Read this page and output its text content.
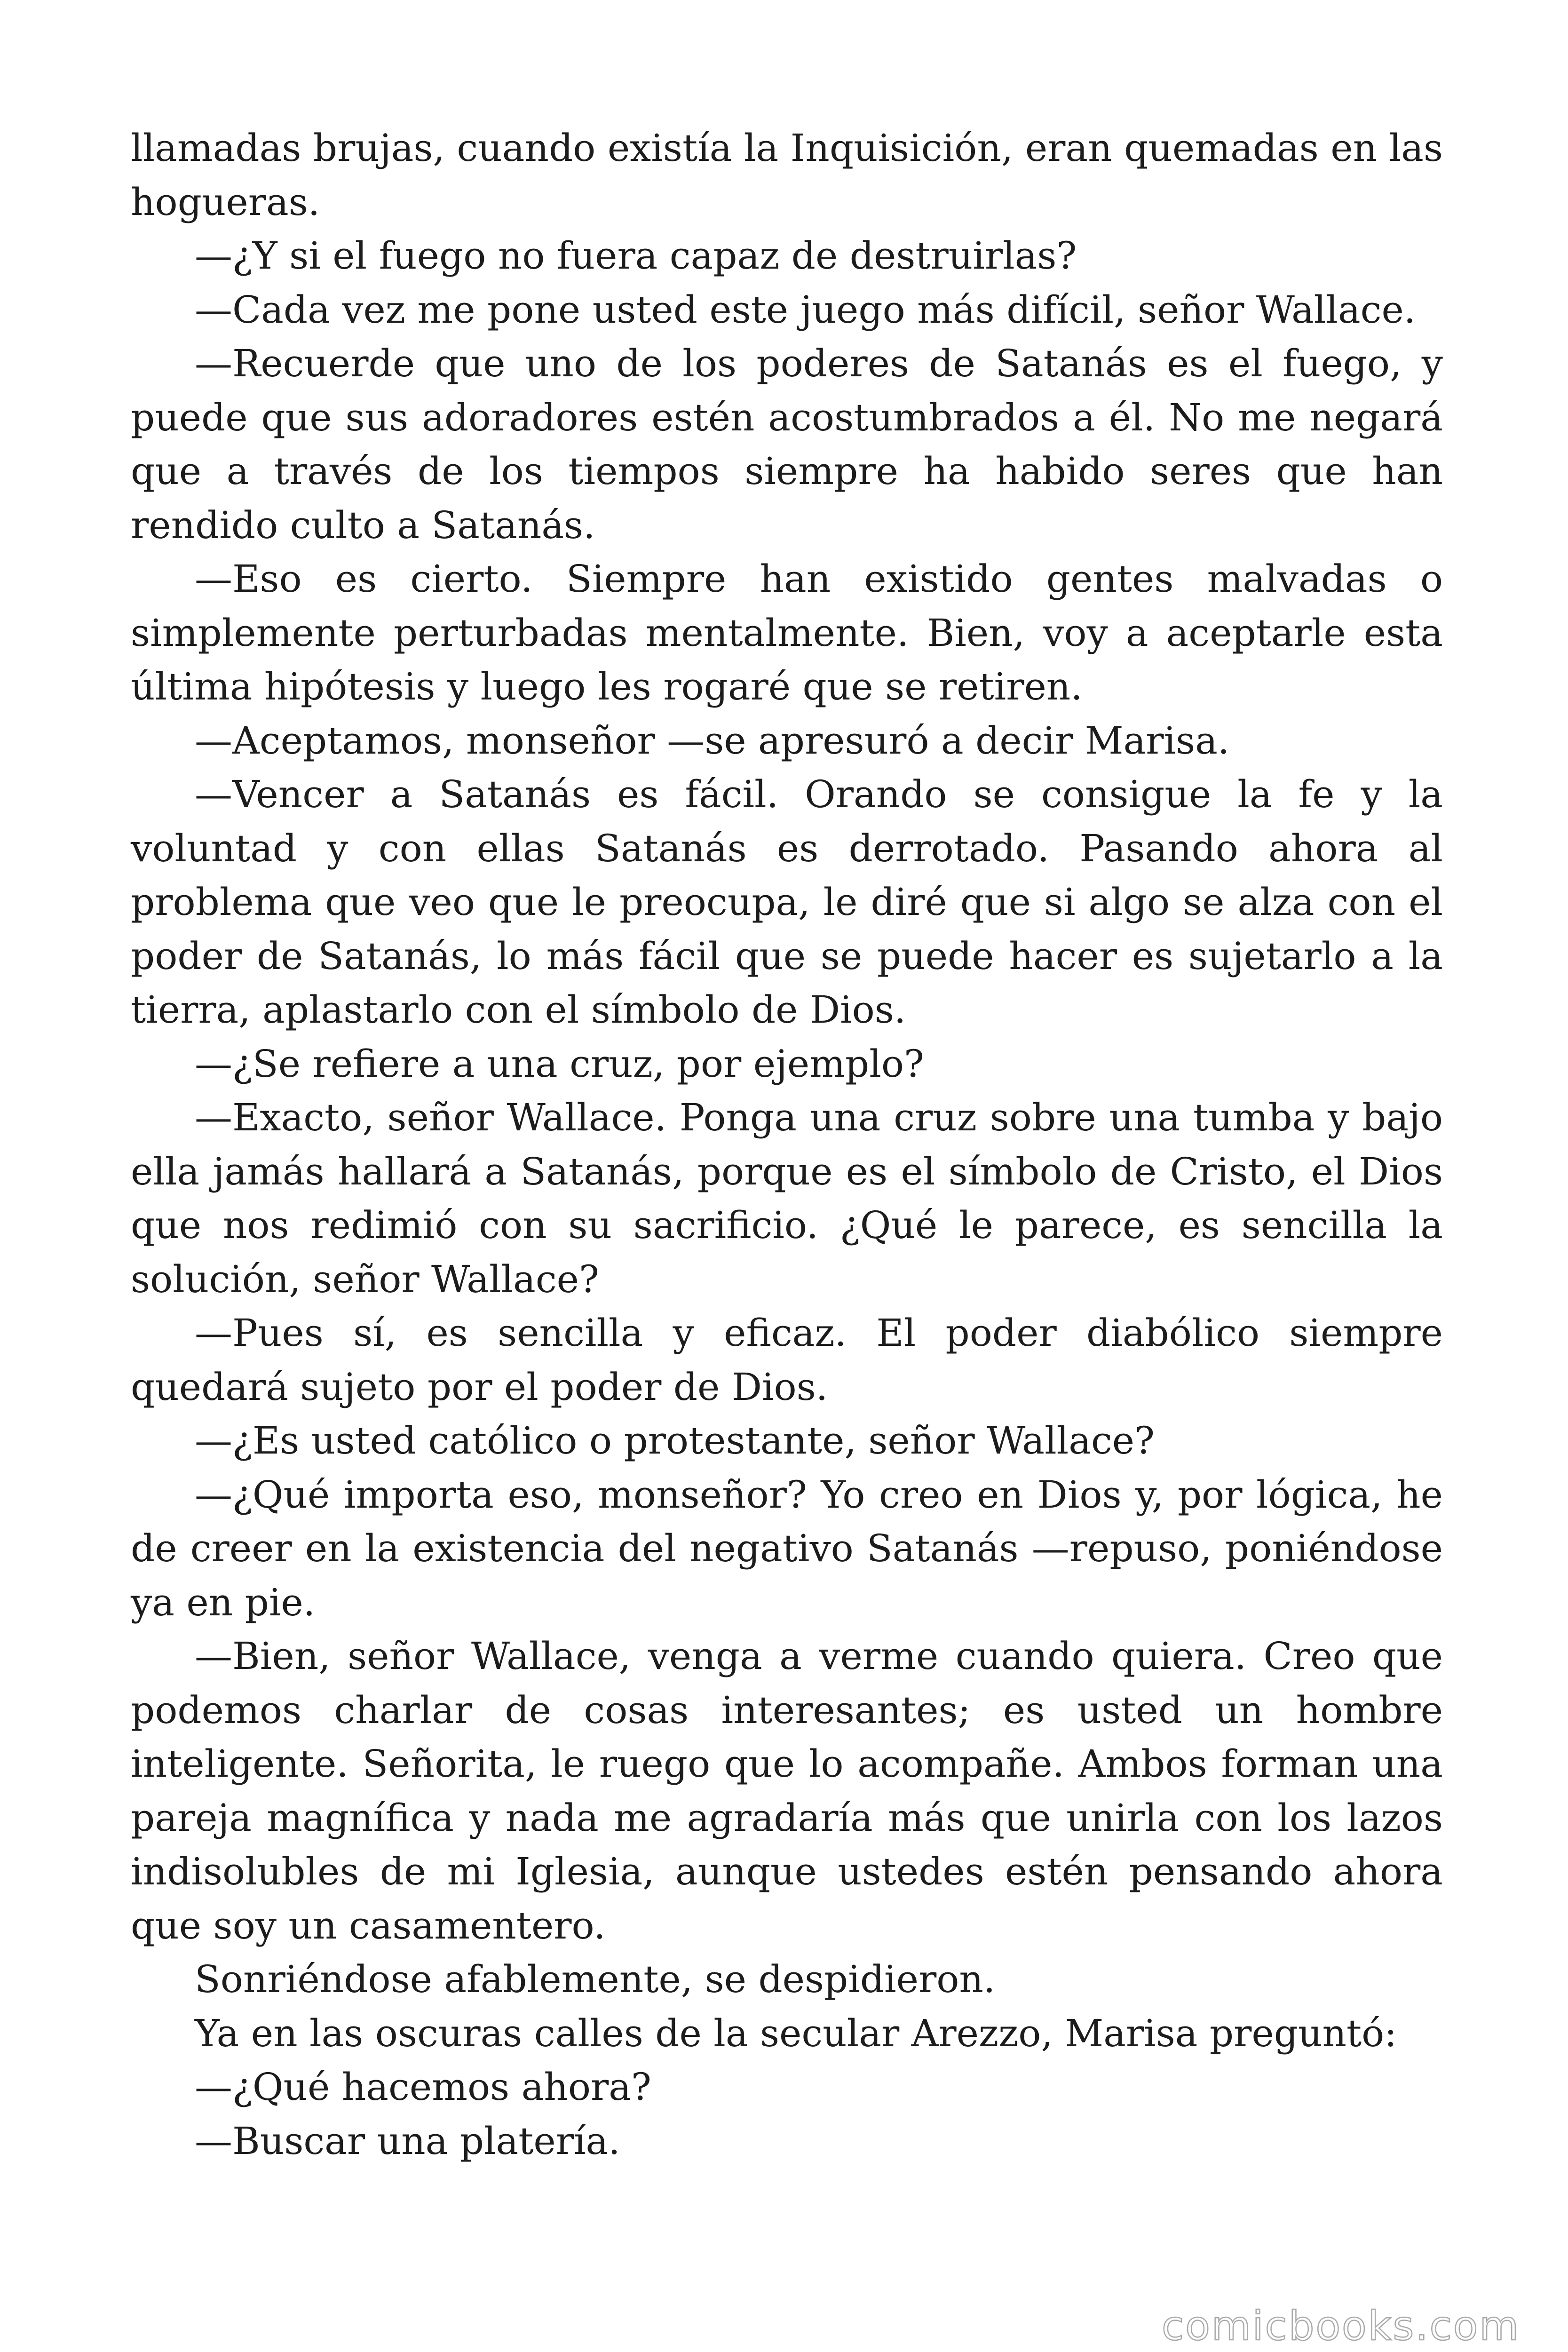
llamadas brujas, cuando existía la Inquisición, eran quemadas en las hogueras.

—¿Y si el fuego no fuera capaz de destruirlas?

—Cada vez me pone usted este juego más difícil, señor Wallace.

—Recuerde que uno de los poderes de Satanás es el fuego, y puede que sus adoradores estén acostumbrados a él. No me negará que a través de los tiempos siempre ha habido seres que han rendido culto a Satanás.

—Eso es cierto. Siempre han existido gentes malvadas o simplemente perturbadas mentalmente. Bien, voy a aceptarle esta última hipótesis y luego les rogaré que se retiren.

—Aceptamos, monseñor —se apresuró a decir Marisa.

—Vencer a Satanás es fácil. Orando se consigue la fe y la voluntad y con ellas Satanás es derrotado. Pasando ahora al problema que veo que le preocupa, le diré que si algo se alza con el poder de Satanás, lo más fácil que se puede hacer es sujetarlo a la tierra, aplastarlo con el símbolo de Dios.

—¿Se refiere a una cruz, por ejemplo?

—Exacto, señor Wallace. Ponga una cruz sobre una tumba y bajo ella jamás hallará a Satanás, porque es el símbolo de Cristo, el Dios que nos redimió con su sacrificio. ¿Qué le parece, es sencilla la solución, señor Wallace?

—Pues sí, es sencilla y eficaz. El poder diabólico siempre quedará sujeto por el poder de Dios.

—¿Es usted católico o protestante, señor Wallace?

—¿Qué importa eso, monseñor? Yo creo en Dios y, por lógica, he de creer en la existencia del negativo Satanás —repuso, poniéndose ya en pie.

—Bien, señor Wallace, venga a verme cuando quiera. Creo que podemos charlar de cosas interesantes; es usted un hombre inteligente. Señorita, le ruego que lo acompañe. Ambos forman una pareja magnífica y nada me agradaría más que unirla con los lazos indisolubles de mi Iglesia, aunque ustedes estén pensando ahora que soy un casamentero.

Sonriéndose afablemente, se despidieron.

Ya en las oscuras calles de la secular Arezzo, Marisa preguntó:

—¿Qué hacemos ahora?

—Buscar una platería.

comicbooks.com
